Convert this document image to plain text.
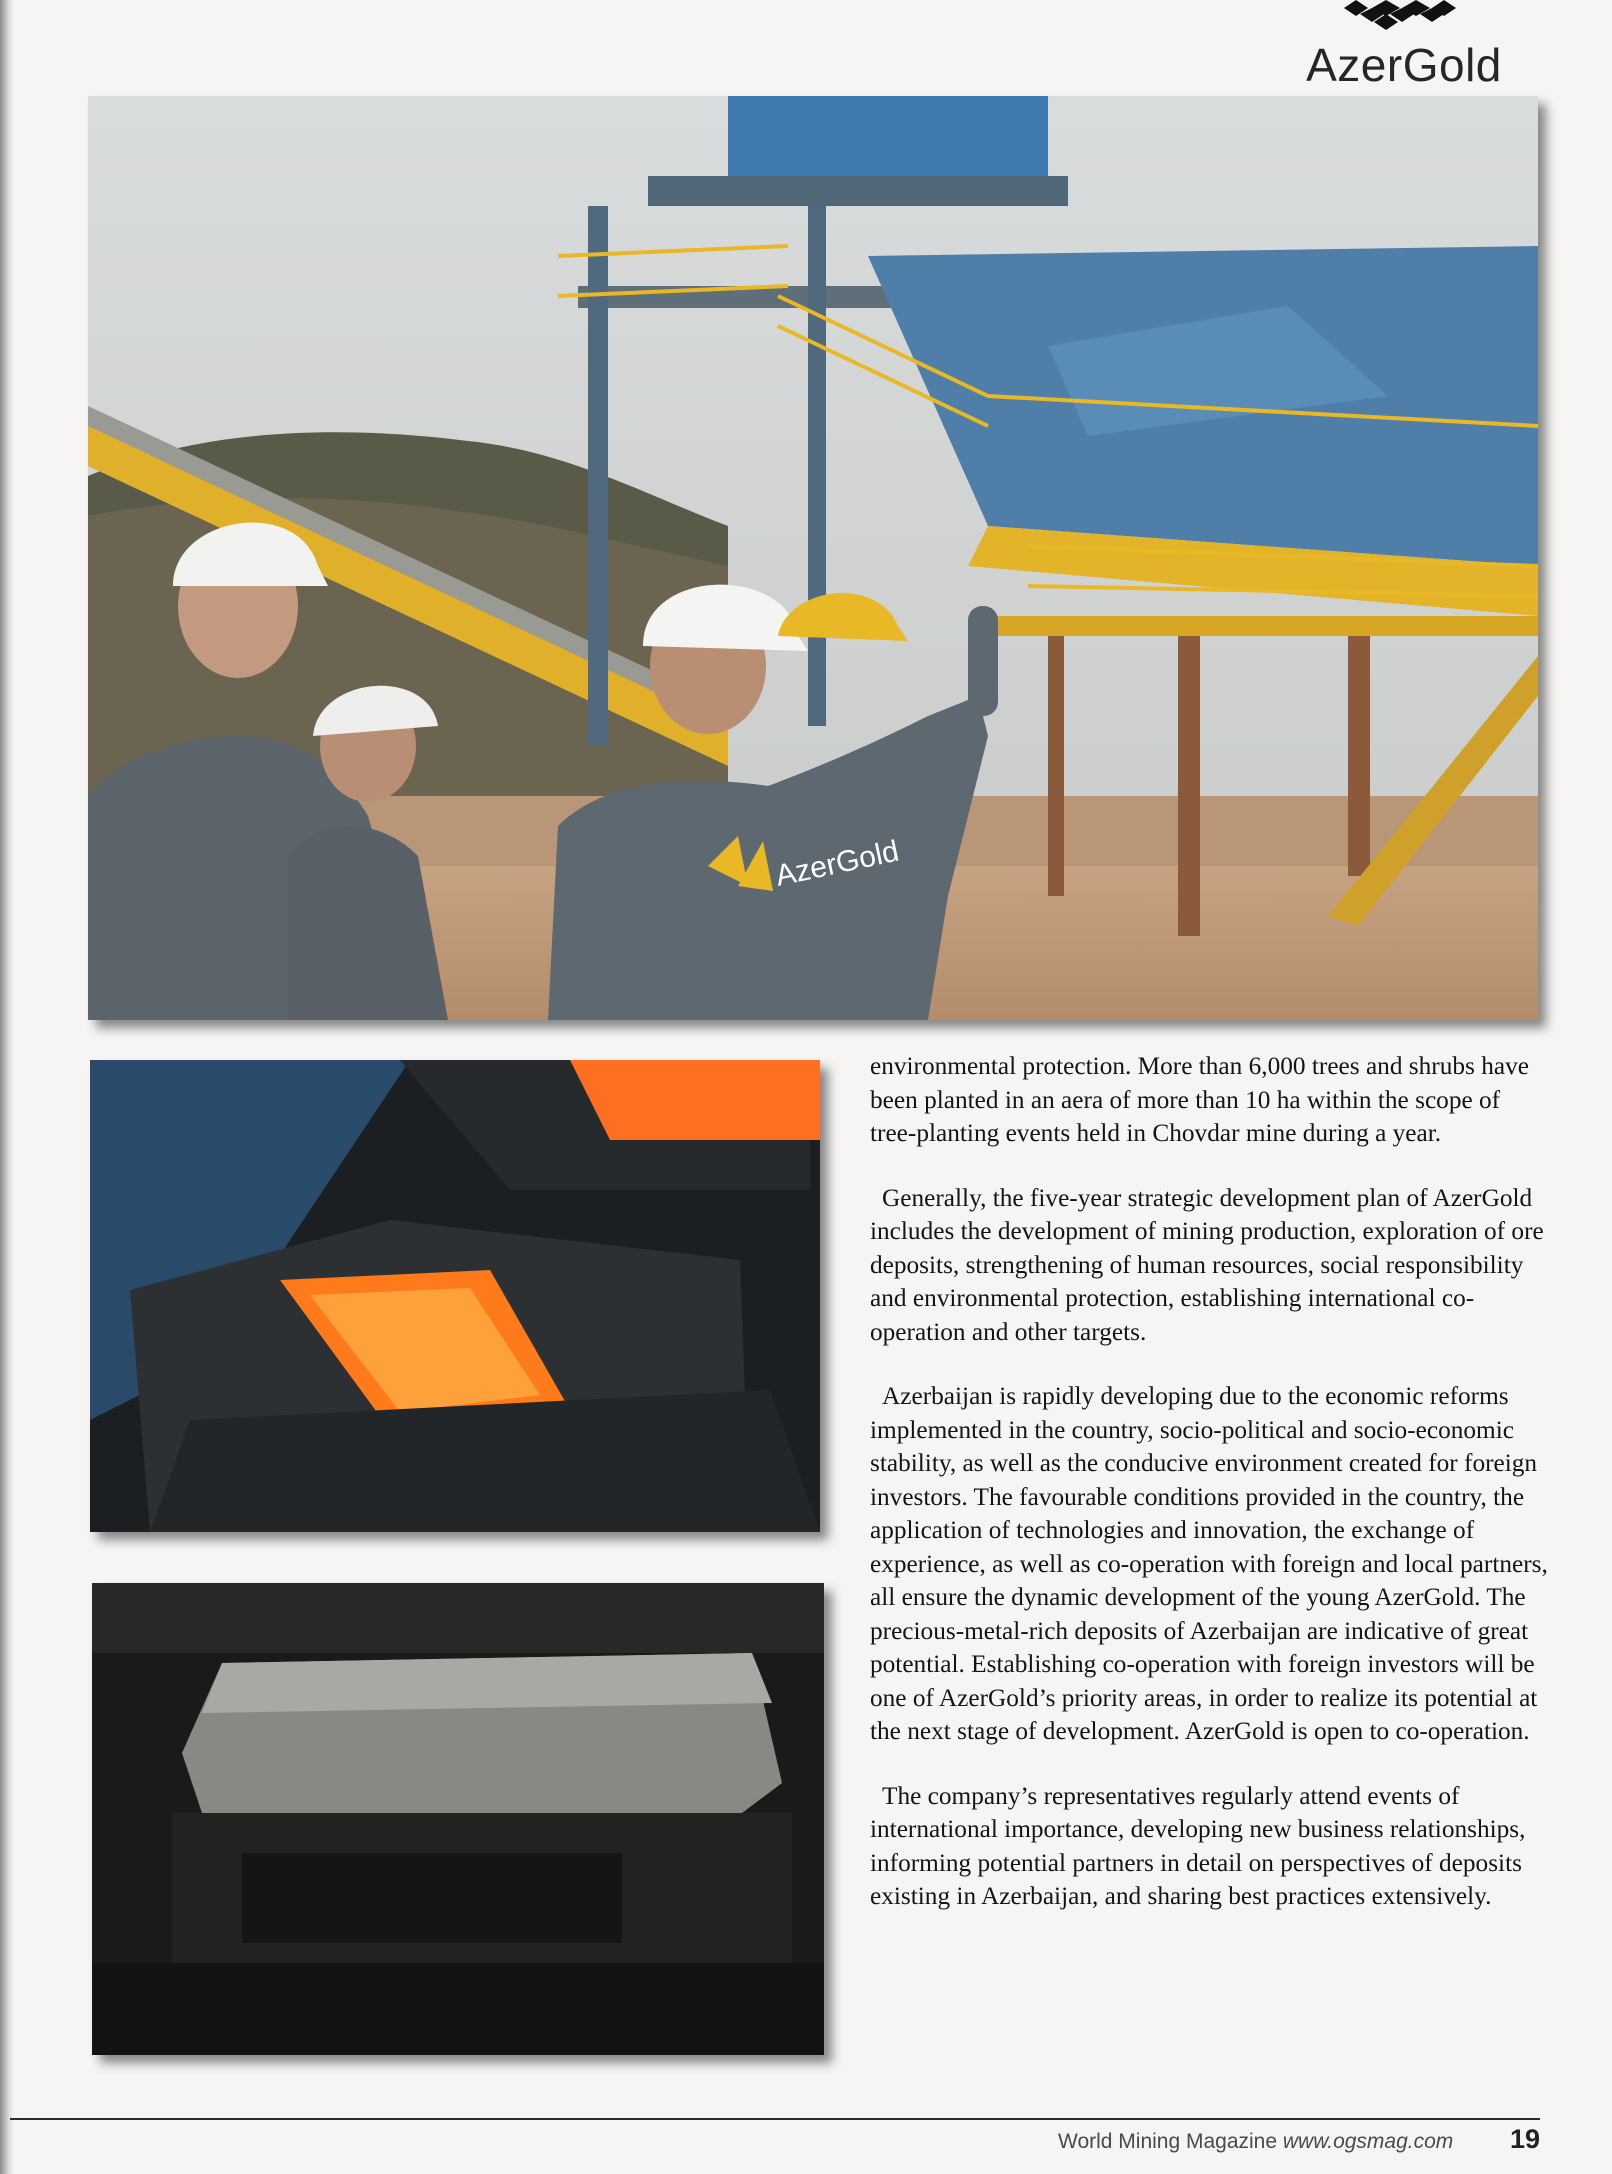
AzerGold
AzerGold

environmental protection. More than 6,000 trees and shrubs have been planted in an aera of more than 10 ha within the scope of tree-planting events held in Chovdar mine during a year.

Generally, the five-year strategic development plan of AzerGold includes the development of mining production, exploration of ore deposits, strengthening of human resources, social responsibility and environmental protection, establishing international co-operation and other targets.

Azerbaijan is rapidly developing due to the economic reforms implemented in the country, socio-political and socio-economic stability, as well as the conducive environment created for foreign investors. The favourable conditions provided in the country, the application of technologies and innovation, the exchange of experience, as well as co-operation with foreign and local partners, all ensure the dynamic development of the young AzerGold. The precious-metal-rich deposits of Azerbaijan are indicative of great potential. Establishing co-operation with foreign investors will be one of AzerGold’s priority areas, in order to realize its potential at the next stage of development. AzerGold is open to co-operation.

The company’s representatives regularly attend events of international importance, developing new business relationships, informing potential partners in detail on perspectives of deposits existing in Azerbaijan, and sharing best practices extensively.

World Mining Magazine www.ogsmag.com 19
